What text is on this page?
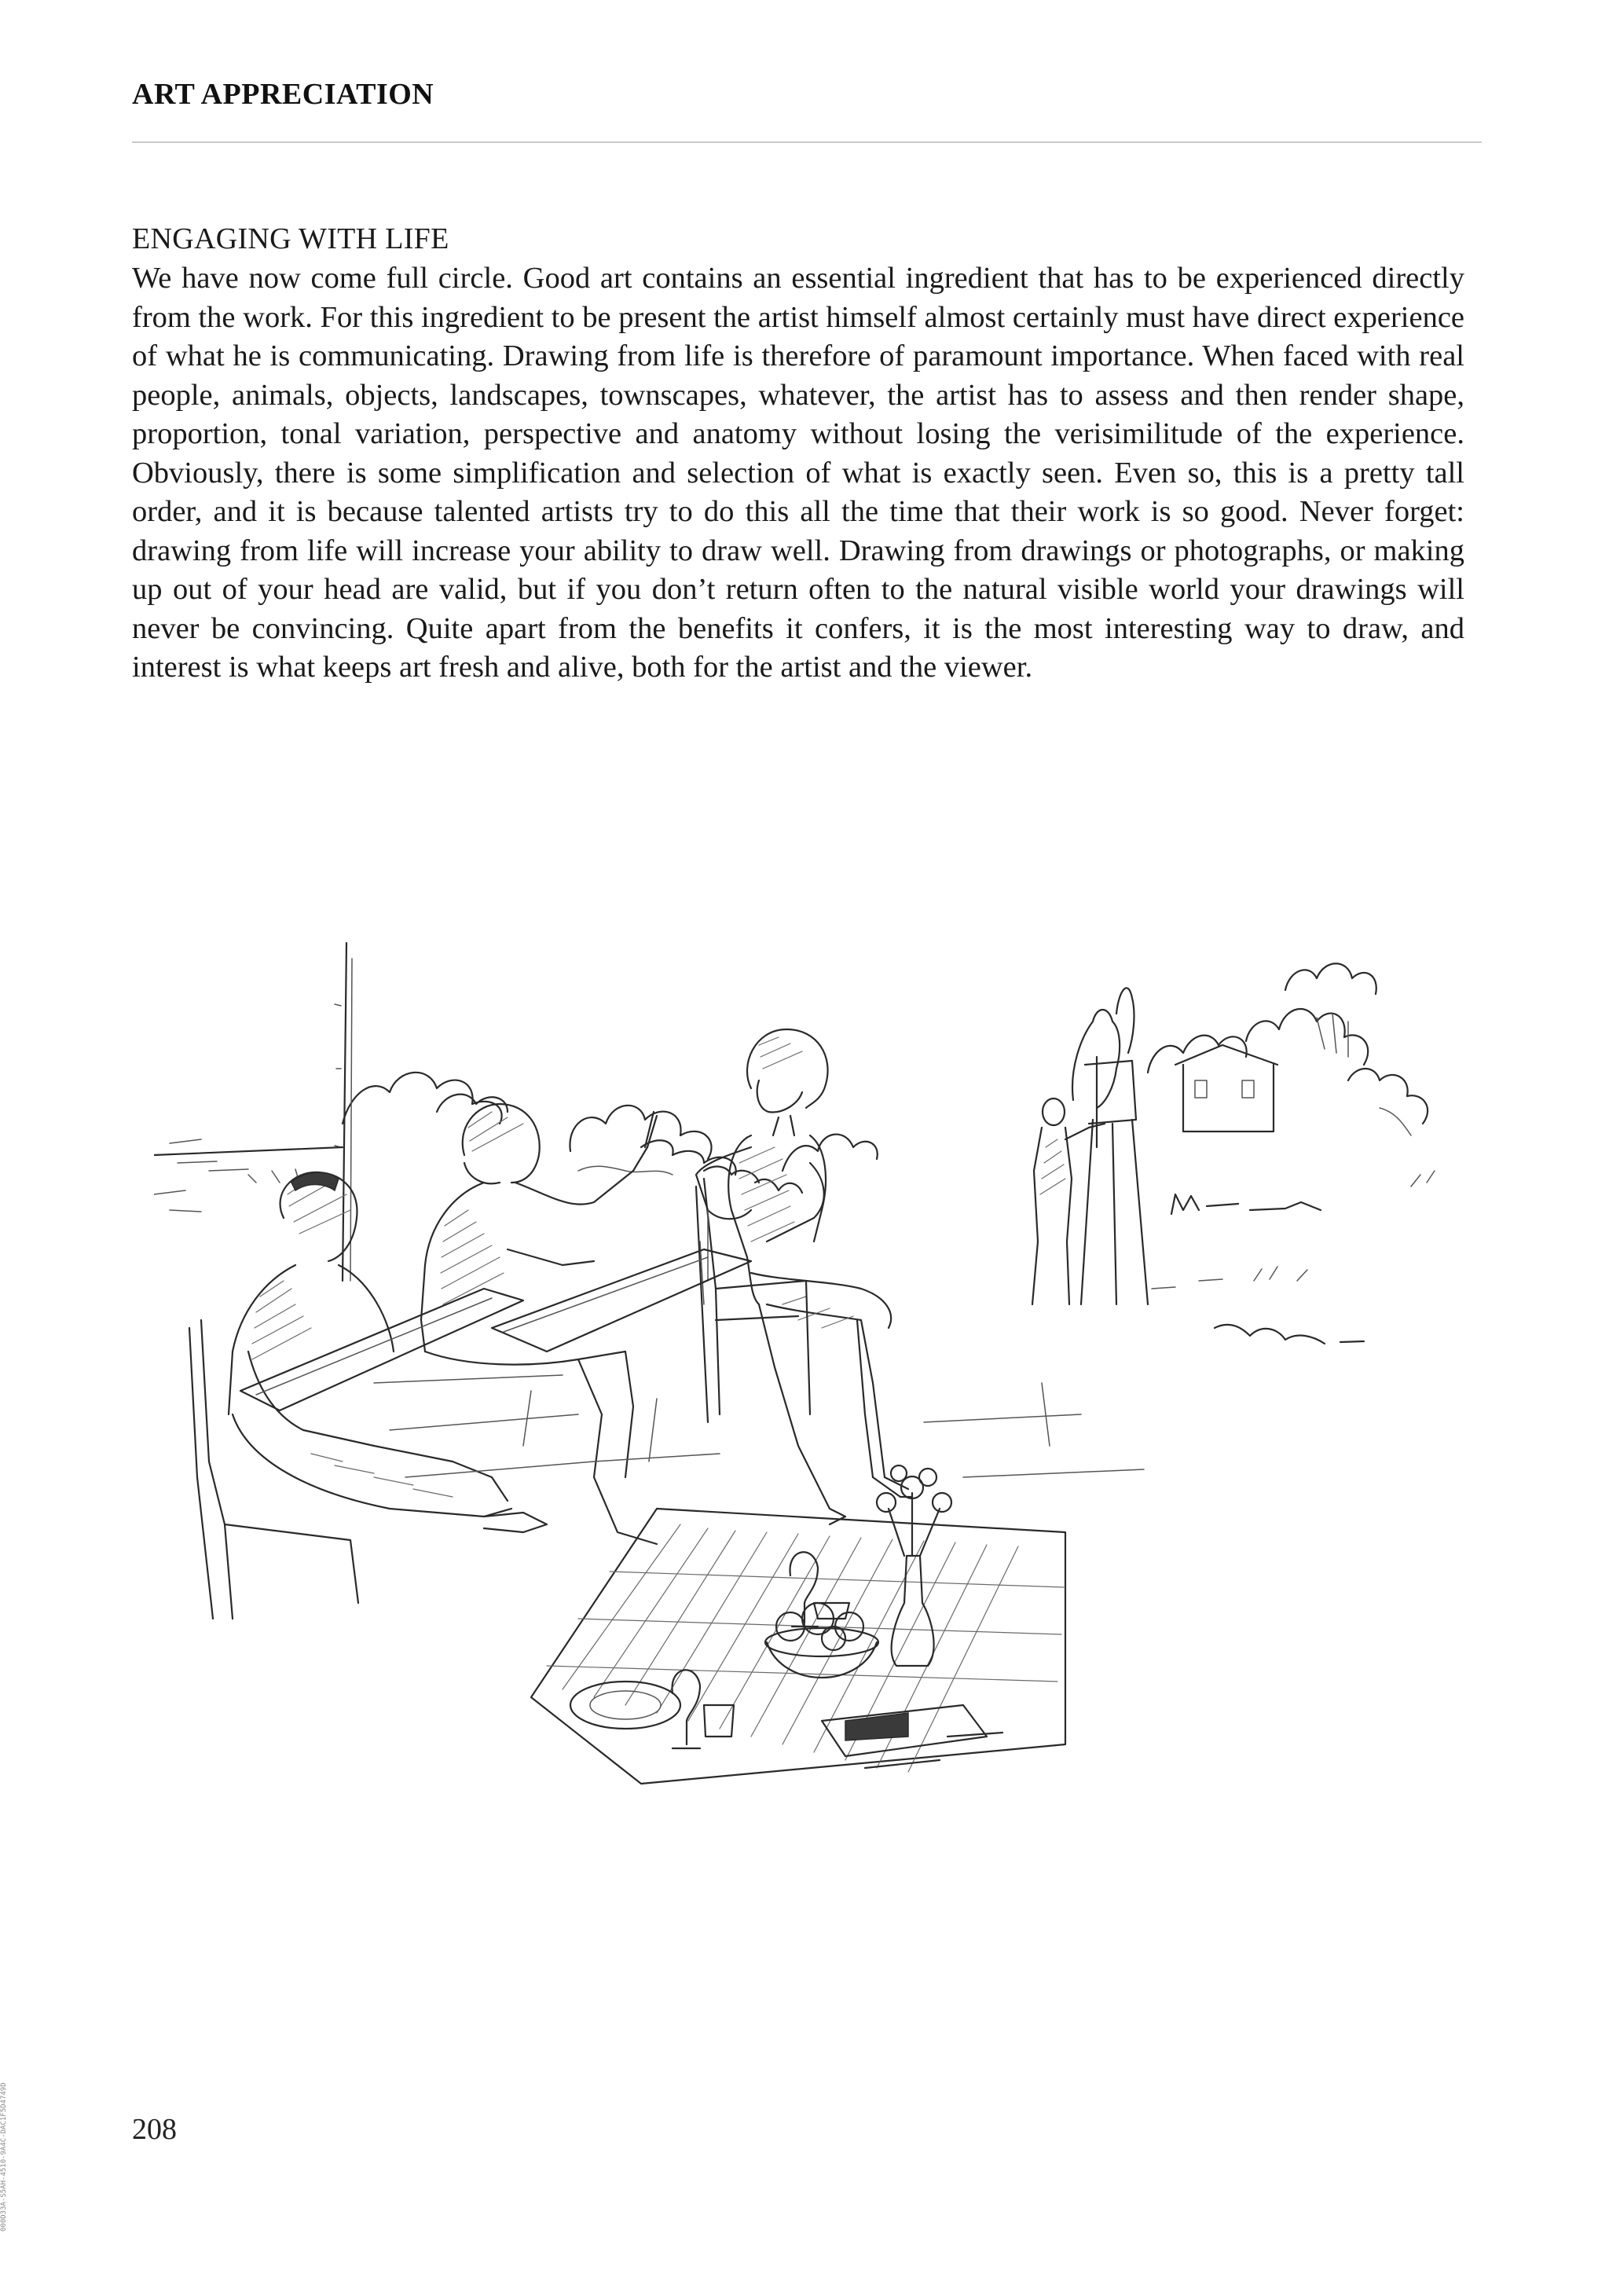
ART APPRECIATION
ENGAGING WITH LIFE

We have now come full circle. Good art contains an essential ingredient that has to be experienced directly from the work. For this ingredient to be present the artist himself almost certainly must have direct experience of what he is communicating. Drawing from life is therefore of paramount importance. When faced with real people, animals, objects, landscapes, townscapes, whatever, the artist has to assess and then render shape, proportion, tonal variation, perspective and anatomy without losing the verisimilitude of the experience. Obviously, there is some simplification and selection of what is exactly seen. Even so, this is a pretty tall order, and it is because talented artists try to do this all the time that their work is so good. Never forget: drawing from life will increase your ability to draw well. Drawing from drawings or photographs, or making up out of your head are valid, but if you don’t return often to the natural visible world your drawings will never be convincing. Quite apart from the benefits it confers, it is the most interesting way to draw, and interest is what keeps art fresh and alive, both for the artist and the viewer.

208
000D33A-S5AH-4510-9A4C-DAC1F5D4749D
